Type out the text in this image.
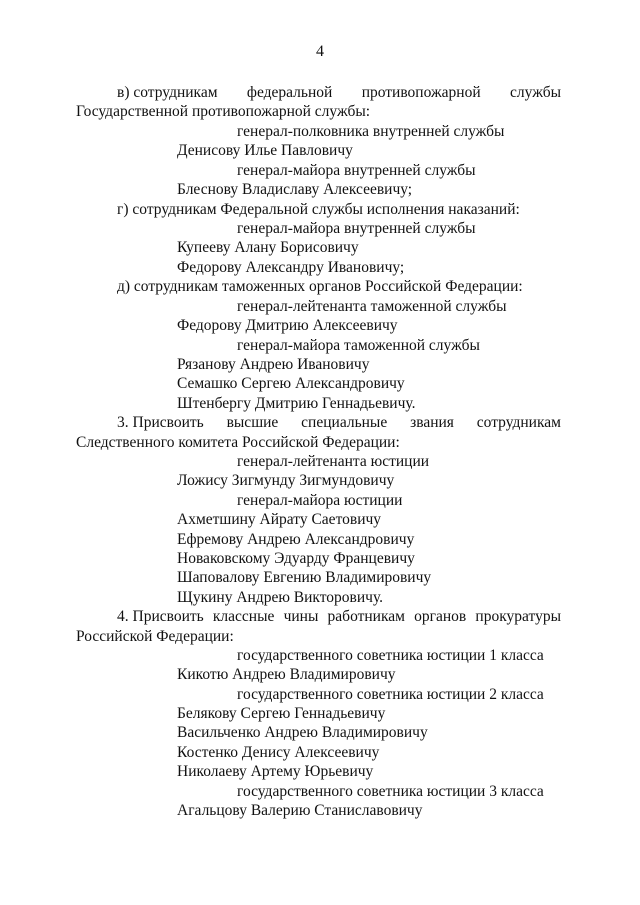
4
в) сотрудникам федеральной противопожарной службы
Государственной противопожарной службы:
генерал-полковника внутренней службы
Денисову Илье Павловичу
генерал-майора внутренней службы
Блеснову Владиславу Алексеевичу;
г) сотрудникам Федеральной службы исполнения наказаний:
генерал-майора внутренней службы
Купееву Алану Борисовичу
Федорову Александру Ивановичу;
д) сотрудникам таможенных органов Российской Федерации:
генерал-лейтенанта таможенной службы
Федорову Дмитрию Алексеевичу
генерал-майора таможенной службы
Рязанову Андрею Ивановичу
Семашко Сергею Александровичу
Штенбергу Дмитрию Геннадьевичу.
3. Присвоить высшие специальные звания сотрудникам
Следственного комитета Российской Федерации:
генерал-лейтенанта юстиции
Ложису Зигмунду Зигмундовичу
генерал-майора юстиции
Ахметшину Айрату Саетовичу
Ефремову Андрею Александровичу
Новаковскому Эдуарду Францевичу
Шаповалову Евгению Владимировичу
Щукину Андрею Викторовичу.
4. Присвоить классные чины работникам органов прокуратуры
Российской Федерации:
государственного советника юстиции 1 класса
Кикотю Андрею Владимировичу
государственного советника юстиции 2 класса
Белякову Сергею Геннадьевичу
Васильченко Андрею Владимировичу
Костенко Денису Алексеевичу
Николаеву Артему Юрьевичу
государственного советника юстиции 3 класса
Агальцову Валерию Станиславовичу
